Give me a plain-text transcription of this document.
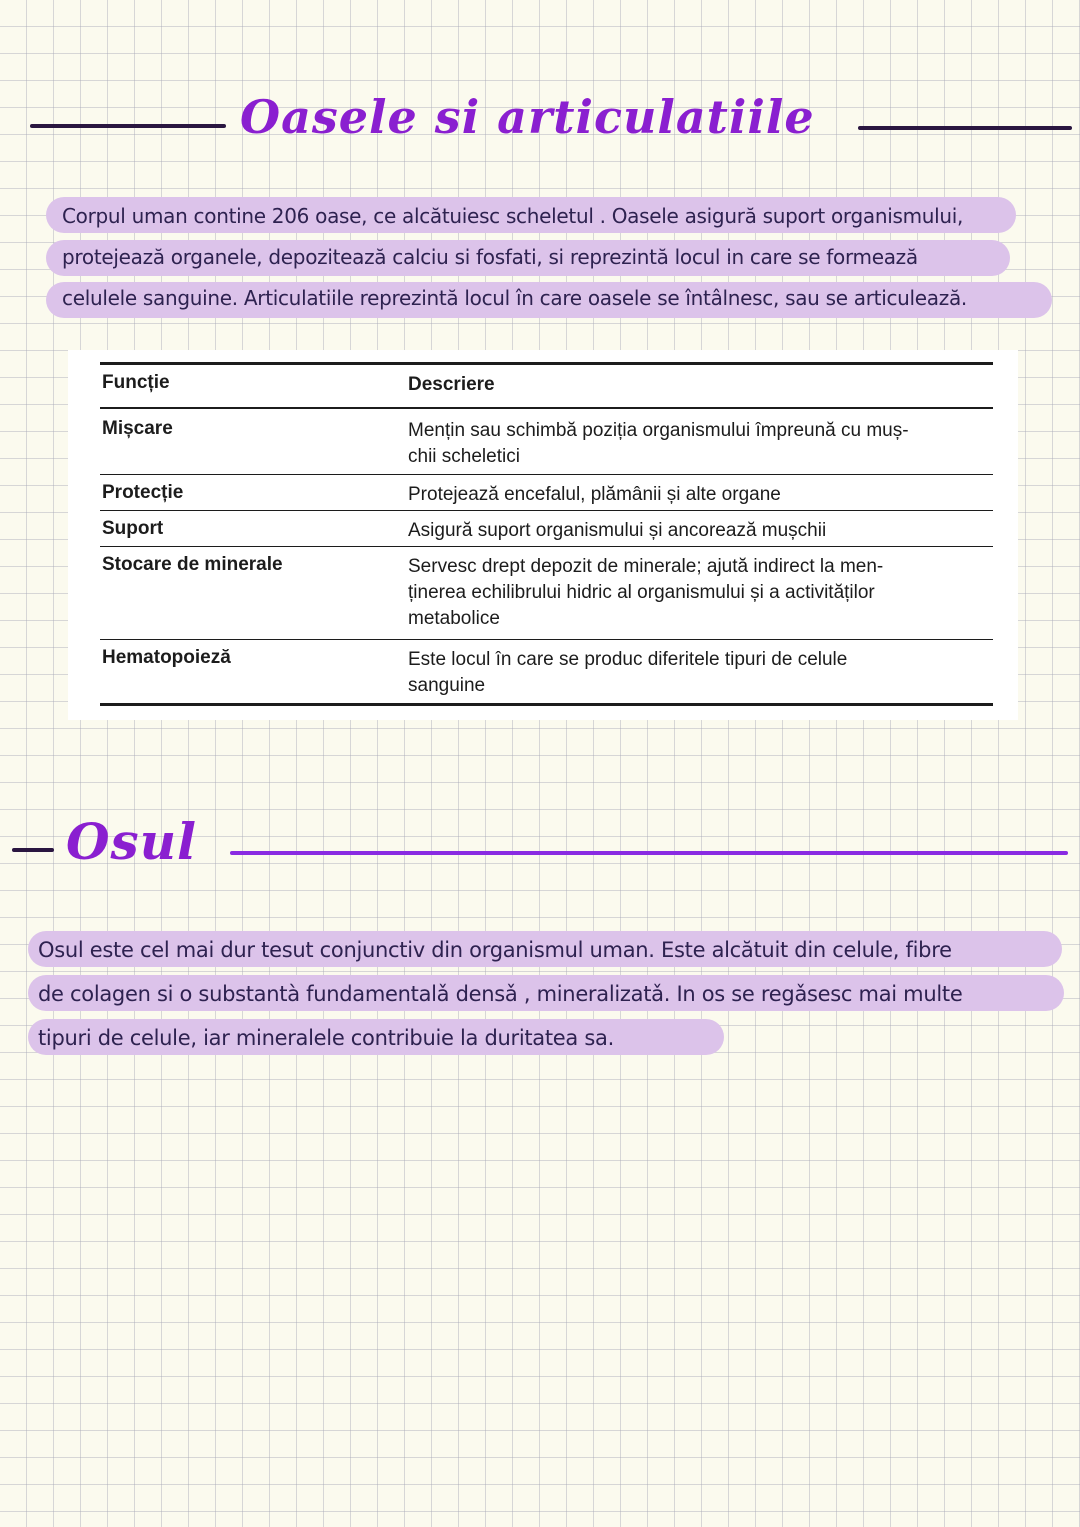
Oasele si articulatiile
Corpul uman contine 206 oase, ce alcătuiesc scheletul . Oasele asigură suport organismului,
protejează organele, depozitează calciu si fosfati, si reprezintă locul in care se formează
celulele sanguine. Articulatiile reprezintă locul în care oasele se întâlnesc, sau se articulează.
Funcție	Descriere
Mișcare	Mențin sau schimbă poziția organismului împreună cu muș-
chii scheletici
Protecție	Protejează encefalul, plămânii și alte organe
Suport	Asigură suport organismului și ancorează mușchii
Stocare de minerale	Servesc drept depozit de minerale; ajută indirect la men-
ținerea echilibrului hidric al organismului și a activităților
metabolice
Hematopoieză	Este locul în care se produc diferitele tipuri de celule
sanguine
Osul
Osul este cel mai dur tesut conjunctiv din organismul uman. Este alcătuit din celule, fibre
de colagen si o substantà fundamentalǎ densǎ , mineralizatǎ. In os se regǎsesc mai multe
tipuri de celule, iar mineralele contribuie la duritatea sa.
